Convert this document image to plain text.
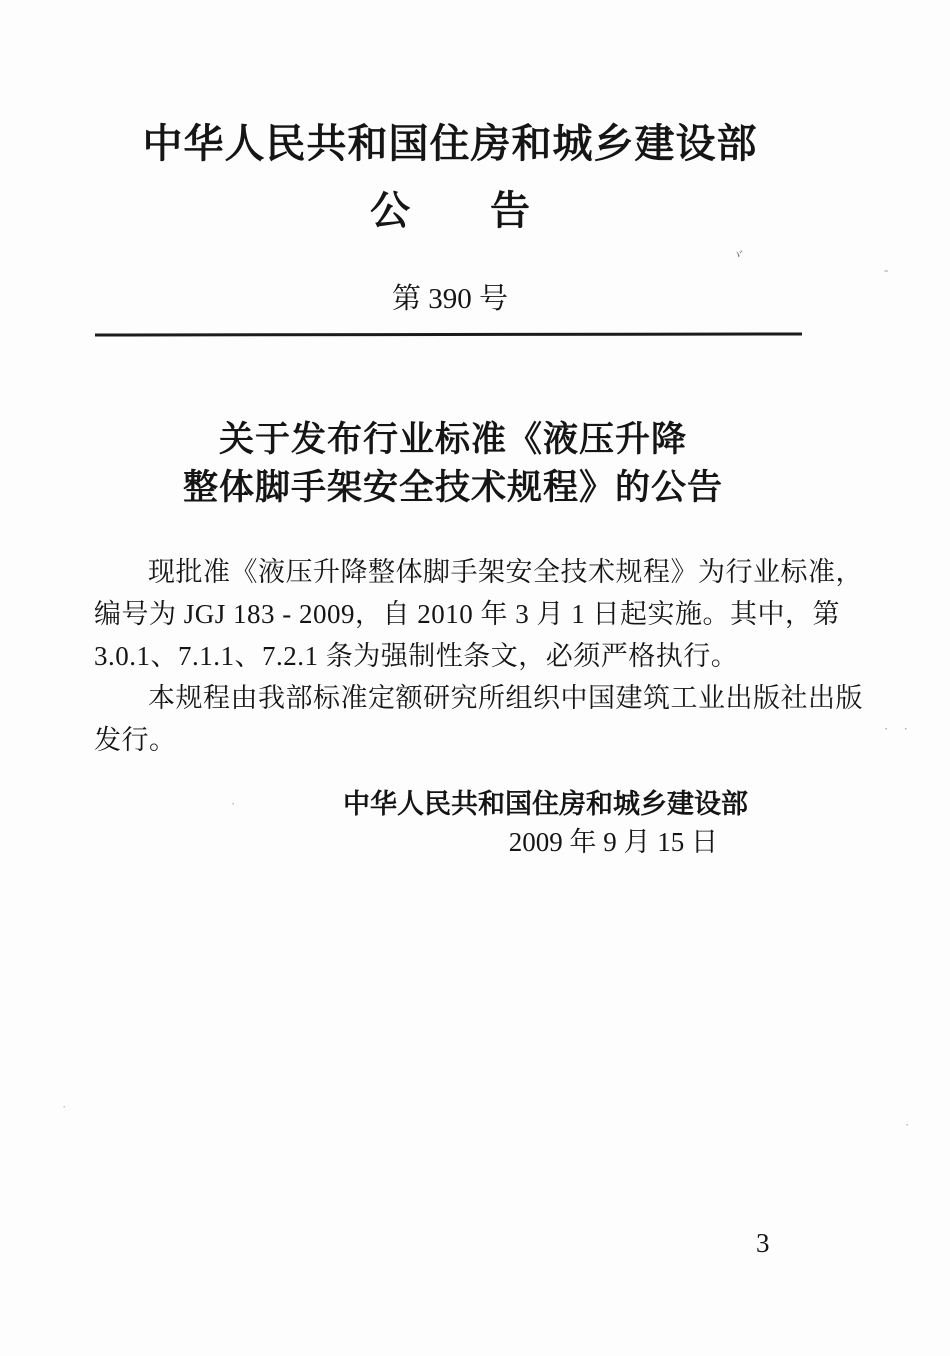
中华人民共和国住房和城乡建设部
公　　告
第 390 号
关于发布行业标准《液压升降
整体脚手架安全技术规程》的公告
现批准《液压升降整体脚手架安全技术规程》为行业标准，
编号为 JGJ 183 - 2009，自 2010 年 3 月 1 日起实施。其中，第
3.0.1、7.1.1、7.2.1 条为强制性条文，必须严格执行。
本规程由我部标准定额研究所组织中国建筑工业出版社出版
发行。
中华人民共和国住房和城乡建设部
2009 年 9 月 15 日
3
ヾ
-
· ·
·
·
·
